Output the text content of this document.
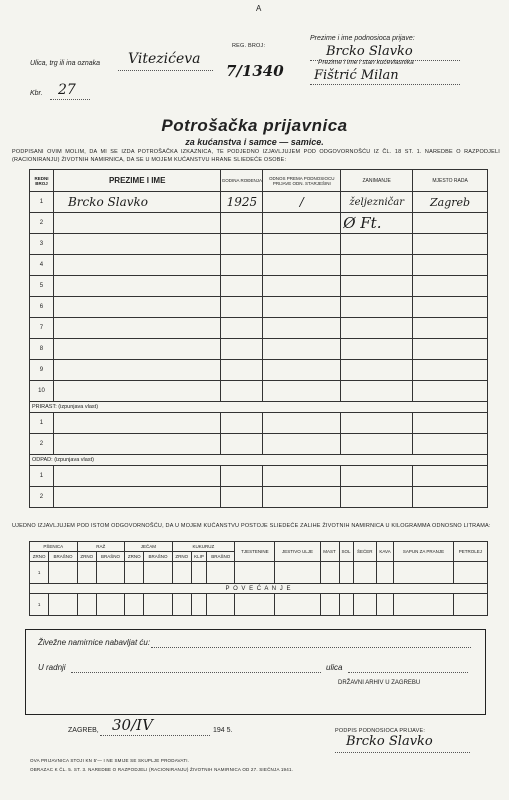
A
REG. BROJ:
7/1340
Prezime i ime podnosioca prijave:
Brcko Slavko
Prezime i ime i stan kućevlasnika
Fištrić Milan
Ulica, trg ili ina oznaka Vitezićeva
Kbr. 27
Potrošačka prijavnica
za kućanstva i samce — samice.
PODPISANI OVIM MOLIM, DA MI SE IZDA POTROŠAČKA IZKAZNICA, TE PODJEDNO IZJAVLJUJEM POD ODGOVORNOŠĆU IZ ČL. 18 ST. 1. NAREDBE O RAZPODJELI (RACIONIRANJU) ŽIVOTNIH NAMIRNICA, DA SE U MOJEM KUĆANSTVU HRANE SLIEDEĆE OSOBE:
REDNI BROJ	PREZIME I IME	GODINA ROĐENJA	ODNOS PREMA PODNOSIOCU PRIJAVE ODN. STARJEŠINI	ZANIMANJE	MJESTO RADA
1	Brcko Slavko	1925	/	željezničar	Zagreb
2				Ø Ft.	
3					
4					
5					
6					
7					
8					
9					
10					
PRIRAST: (izpunjava vlast)					
1					
2					
ODPAD: (izpunjava vlast)					
1					
2					
UJEDNO IZJAVLJUJEM POD ISTOM ODGOVORNOŠĆU, DA U MOJEM KUĆANSTVU POSTOJE SLIEDEĆE ZALIHE ŽIVOTNIH NAMIRNICA U KILOGRAMMA ODNOSNO LITRAMA:
PŠENICA		RAŽ		JEČAM		KUKURUZ			TJESTENINE	JESTIVO ULJE	MAST	SOL	ŠEĆER	KAVA	SAPUN ZA PRANJE	PETROLEJ
ZRNO	BRAŠNO	ZRNO	BRAŠNO	ZRNO	BRAŠNO	ZRNO	KLIP	BRAŠNO								
1																
P O V E Ć A N J E																
1																
Živežne namirnice nabavljat ću:
U radnji	ulica
DRŽAVNI ARHIV U ZAGREBU
ZAGREB, 30/IV	194 5.	PODPIS PODNOSIOCA PRIJAVE:
Brcko Slavko
OVA PRIJAVNICA STOJI KN 5'— I NE SMIJE SE SKUPLJE PRODAVATI.
OBRAZAC K ČL. 5. ST. 3. NAREDBE O RAZPODJELI (RACIONIRANJU) ŽIVOTNIH NAMIRNICA OD 27. SIEČNJA 1941.
